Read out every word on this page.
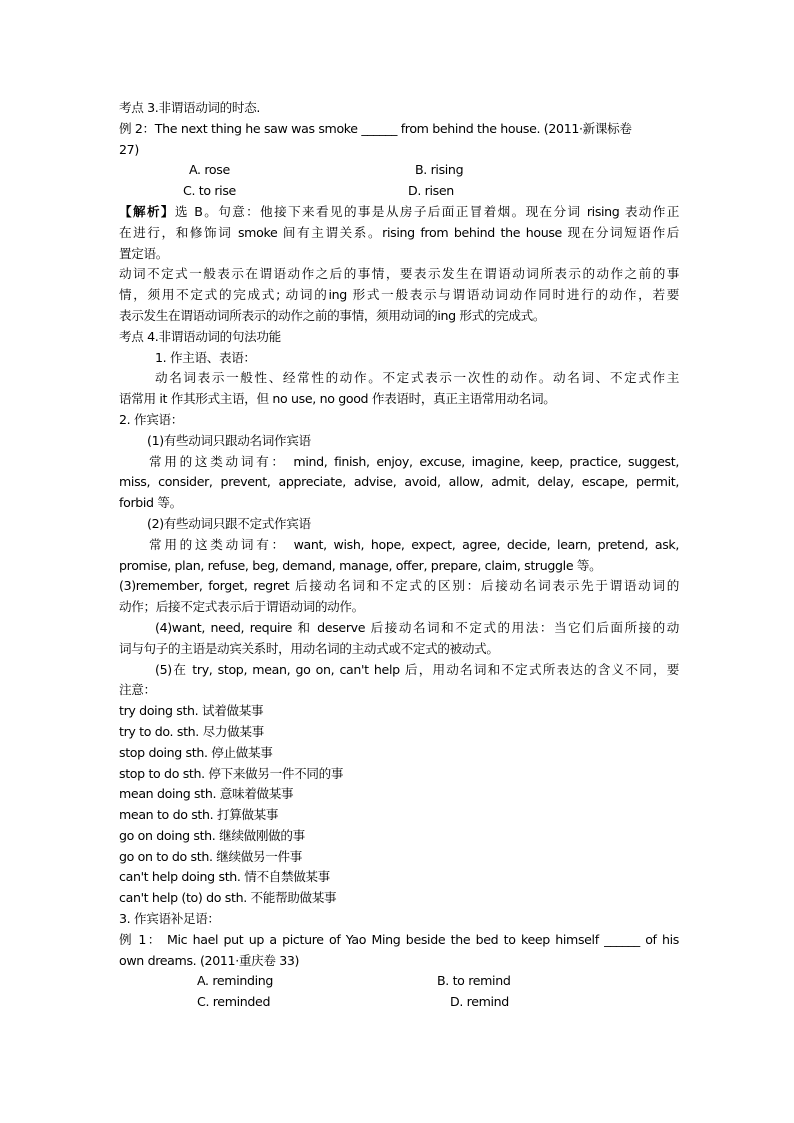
考点 3.非谓语动词的时态.
例 2：The next thing he saw was smoke ______ from behind the house. (2011·新课标卷
27)
A. rose	B. rising
C. to rise	D. risen
【解析】选 B。句意：他接下来看见的事是从房子后面正冒着烟。现在分词 rising 表动作正
在进行，和修饰词 smoke 间有主谓关系。rising from behind the house 现在分词短语作后
置定语。
动词不定式一般表示在谓语动作之后的事情，要表示发生在谓语动词所表示的动作之前的事
情，须用不定式的完成式; 动词的ing 形式一般表示与谓语动词动作同时进行的动作，若要
表示发生在谓语动词所表示的动作之前的事情，须用动词的ing 形式的完成式。
考点 4.非谓语动词的句法功能
1. 作主语、表语：
动名词表示一般性、经常性的动作。不定式表示一次性的动作。动名词、不定式作主
语常用 it 作其形式主语，但 no use, no good 作表语时，真正主语常用动名词。
2. 作宾语：
(1)有些动词只跟动名词作宾语
常用的这类动词有： mind, finish, enjoy, excuse, imagine, keep, practice, suggest,
miss, consider, prevent, appreciate, advise, avoid, allow, admit, delay, escape, permit,
forbid 等。
(2)有些动词只跟不定式作宾语
常用的这类动词有： want, wish, hope, expect, agree, decide, learn, pretend, ask,
promise, plan, refuse, beg, demand, manage, offer, prepare, claim, struggle 等。
(3)remember, forget, regret 后接动名词和不定式的区别：后接动名词表示先于谓语动词的
动作；后接不定式表示后于谓语动词的动作。
(4)want, need, require 和 deserve 后接动名词和不定式的用法：当它们后面所接的动
词与句子的主语是动宾关系时，用动名词的主动式或不定式的被动式。
(5)在 try, stop, mean, go on, can't help 后，用动名词和不定式所表达的含义不同，要
注意：
try doing sth. 试着做某事
try to do. sth. 尽力做某事
stop doing sth. 停止做某事
stop to do sth. 停下来做另一件不同的事
mean doing sth. 意味着做某事
mean to do sth. 打算做某事
go on doing sth. 继续做刚做的事
go on to do sth. 继续做另一件事
can't help doing sth. 情不自禁做某事
can't help (to) do sth. 不能帮助做某事
3. 作宾语补足语：
例 1： Mic hael put up a picture of Yao Ming beside the bed to keep himself ______ of his
own dreams. (2011·重庆卷 33)
A. reminding	B. to remind
C. reminded	D. remind
